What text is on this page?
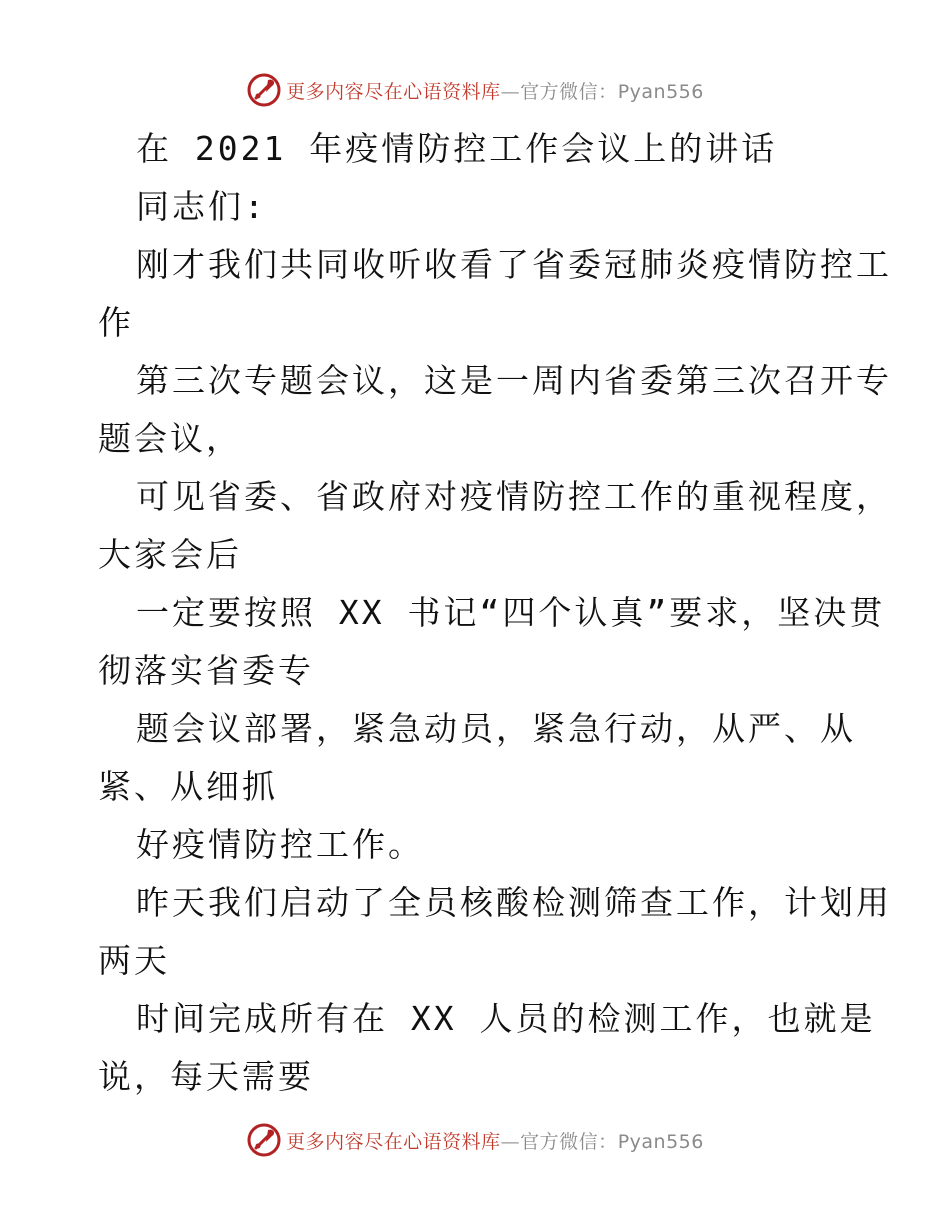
更多内容尽在心语资料库—官方微信：Pyan556
在 2021 年疫情防控工作会议上的讲话
同志们:
刚才我们共同收听收看了省委冠肺炎疫情防控工
作
第三次专题会议，这是一周内省委第三次召开专
题会议，
可见省委、省政府对疫情防控工作的重视程度，
大家会后
一定要按照 XX 书记“四个认真”要求，坚决贯
彻落实省委专
题会议部署，紧急动员，紧急行动，从严、从
紧、从细抓
好疫情防控工作。
昨天我们启动了全员核酸检测筛查工作，计划用
两天
时间完成所有在 XX 人员的检测工作，也就是
说，每天需要
更多内容尽在心语资料库—官方微信：Pyan556
